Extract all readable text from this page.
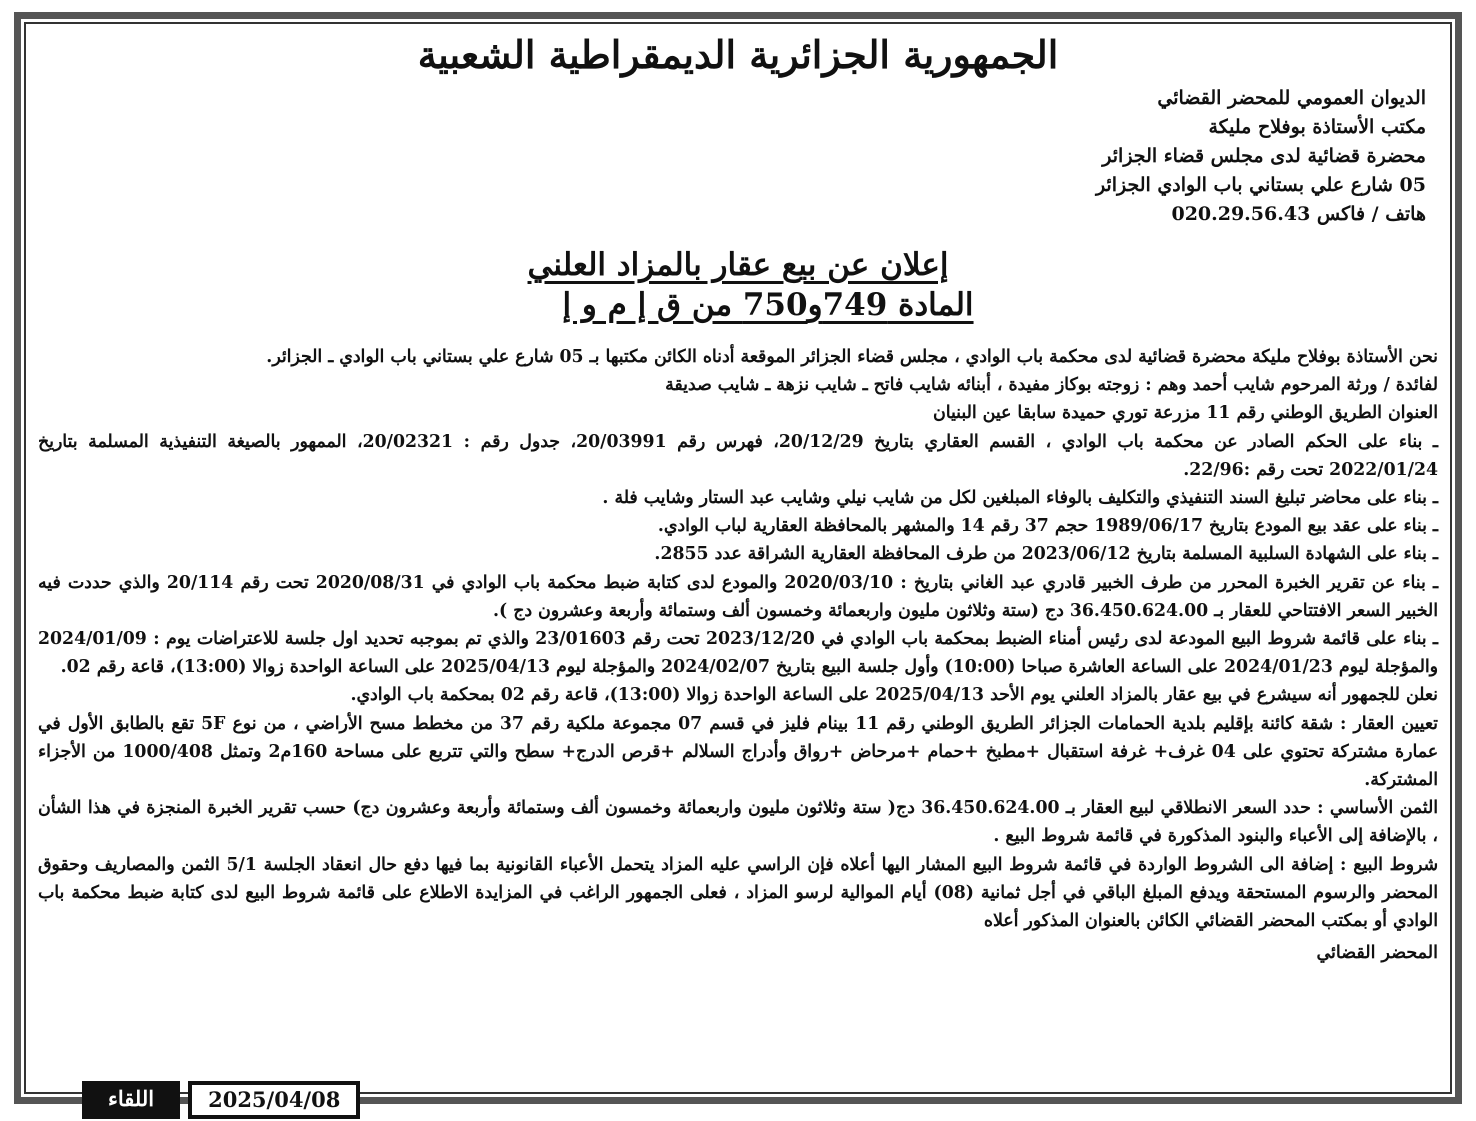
الجمهورية الجزائرية الديمقراطية الشعبية
الديوان العمومي للمحضر القضائي
مكتب الأستاذة بوفلاح مليكة
محضرة قضائية لدى مجلس قضاء الجزائر
05 شارع علي بستاني باب الوادي الجزائر
هاتف / فاكس 020.29.56.43
إعلان عن بيع عقار بالمزاد العلني
المادة 749و750 من ق إ م و إ

نحن الأستاذة بوفلاح مليكة محضرة قضائية لدى محكمة باب الوادي ، مجلس قضاء الجزائر الموقعة أدناه الكائن مكتبها بـ 05 شارع علي بستاني باب الوادي ـ الجزائر.

لفائدة / ورثة المرحوم شايب أحمد وهم : زوجته بوكاز مفيدة ، أبنائه شايب فاتح ـ شايب نزهة ـ شايب صديقة

العنوان الطريق الوطني رقم 11 مزرعة توري حميدة سابقا عين البنيان

ـ بناء على الحكم الصادر عن محكمة باب الوادي ، القسم العقاري بتاريخ 20/12/29، فهرس رقم 20/03991، جدول رقم : 20/02321، الممهور بالصيغة التنفيذية المسلمة بتاريخ 2022/01/24 تحت رقم :22/96.

ـ بناء على محاضر تبليغ السند التنفيذي والتكليف بالوفاء المبلغين لكل من شايب نيلي وشايب عبد الستار وشايب فلة .

ـ بناء على عقد بيع المودع بتاريخ 1989/06/17 حجم 37 رقم 14 والمشهر بالمحافظة العقارية لباب الوادي.

ـ بناء على الشهادة السلبية المسلمة بتاريخ 2023/06/12 من طرف المحافظة العقارية الشراقة عدد 2855.

ـ بناء عن تقرير الخبرة المحرر من طرف الخبير قادري عبد الغاني بتاريخ : 2020/03/10 والمودع لدى كتابة ضبط محكمة باب الوادي في 2020/08/31 تحت رقم 20/114 والذي حددت فيه الخبير السعر الافتتاحي للعقار بـ 36.450.624.00 دج (ستة وثلاثون مليون واربعمائة وخمسون ألف وستمائة وأربعة وعشرون دج ).

ـ بناء على قائمة شروط البيع المودعة لدى رئيس أمناء الضبط بمحكمة باب الوادي في 2023/12/20 تحت رقم 23/01603 والذي تم بموجبه تحديد اول جلسة للاعتراضات يوم : 2024/01/09 والمؤجلة ليوم 2024/01/23 على الساعة العاشرة صباحا (10:00) وأول جلسة البيع بتاريخ 2024/02/07 والمؤجلة ليوم 2025/04/13 على الساعة الواحدة زوالا (13:00)، قاعة رقم 02.

نعلن للجمهور أنه سيشرع في بيع عقار بالمزاد العلني يوم الأحد 2025/04/13 على الساعة الواحدة زوالا (13:00)، قاعة رقم 02 بمحكمة باب الوادي.

تعيين العقار : شقة كائنة بإقليم بلدية الحمامات الجزائر الطريق الوطني رقم 11 بينام فليز في قسم 07 مجموعة ملكية رقم 37 من مخطط مسح الأراضي ، من نوع 5F تقع بالطابق الأول في عمارة مشتركة تحتوي على 04 غرف+ غرفة استقبال +مطبخ +حمام +مرحاض +رواق وأدراج السلالم +قرص الدرج+ سطح والتي تتربع على مساحة 160م2 وتمثل 1000/408 من الأجزاء المشتركة.

الثمن الأساسي : حدد السعر الانطلاقي لبيع العقار بـ 36.450.624.00 دج( ستة وثلاثون مليون واربعمائة وخمسون ألف وستمائة وأربعة وعشرون دج) حسب تقرير الخبرة المنجزة في هذا الشأن ، بالإضافة إلى الأعباء والبنود المذكورة في قائمة شروط البيع .

شروط البيع : إضافة الى الشروط الواردة في قائمة شروط البيع المشار اليها أعلاه فإن الراسي عليه المزاد يتحمل الأعباء القانونية بما فيها دفع حال انعقاد الجلسة 5/1 الثمن والمصاريف وحقوق المحضر والرسوم المستحقة ويدفع المبلغ الباقي في أجل ثمانية (08) أيام الموالية لرسو المزاد ، فعلى الجمهور الراغب في المزايدة الاطلاع على قائمة شروط البيع لدى كتابة ضبط محكمة باب الوادي أو بمكتب المحضر القضائي الكائن بالعنوان المذكور أعلاه

المحضر القضائي
اللقاء	2025/04/08
